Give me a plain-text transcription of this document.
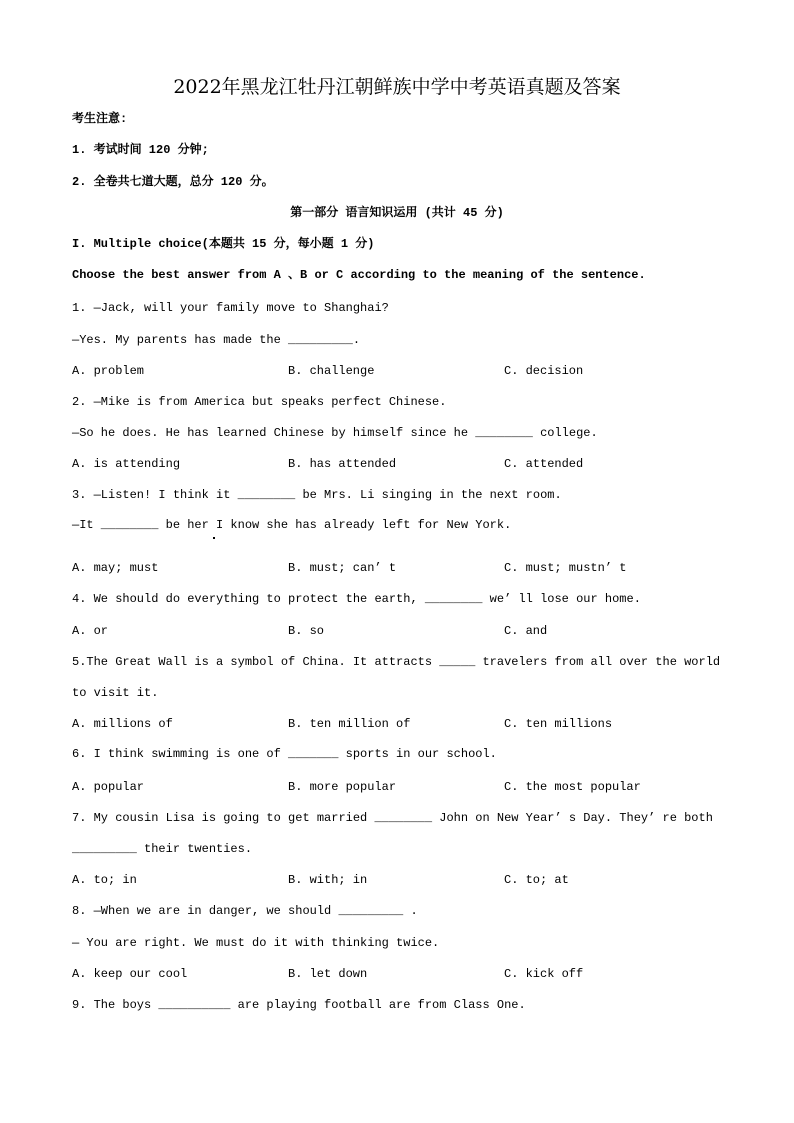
2022年黑龙江牡丹江朝鲜族中学中考英语真题及答案
考生注意:
1. 考试时间 120 分钟;
2. 全卷共七道大题，总分 120 分。
第一部分 语言知识运用 (共计 45 分)
I. Multiple choice(本题共 15 分，每小题 1 分)
Choose the best answer from A 、B or C according to the meaning of the sentence.
1. —Jack, will your family move to Shanghai?
—Yes. My parents has made the _________.
A. problem	B. challenge	C. decision
2. —Mike is from America but speaks perfect Chinese.
—So he does. He has learned Chinese by himself since he ________ college.
A. is attending	B. has attended	C. attended
3. —Listen! I think it ________ be Mrs. Li singing in the next room.
—It ________ be her I know she has already left for New York.
A. may; must	B. must; can’ t	C. must; mustn’ t
4. We should do everything to protect the earth, ________ we’ ll lose our home.
A. or	B. so	C. and
5.The Great Wall is a symbol of China. It attracts _____ travelers from all over the world
to visit it.
A. millions of	B. ten million of	C. ten millions
6. I think swimming is one of _______ sports in our school.
A. popular	B. more popular	C. the most popular
7. My cousin Lisa is going to get married ________ John on New Year’ s Day. They’ re both
_________ their twenties.
A. to; in	B. with; in	C. to; at
8. —When we are in danger, we should _________ .
— You are right. We must do it with thinking twice.
A. keep our cool	B. let down	C. kick off
9. The boys __________ are playing football are from Class One.
